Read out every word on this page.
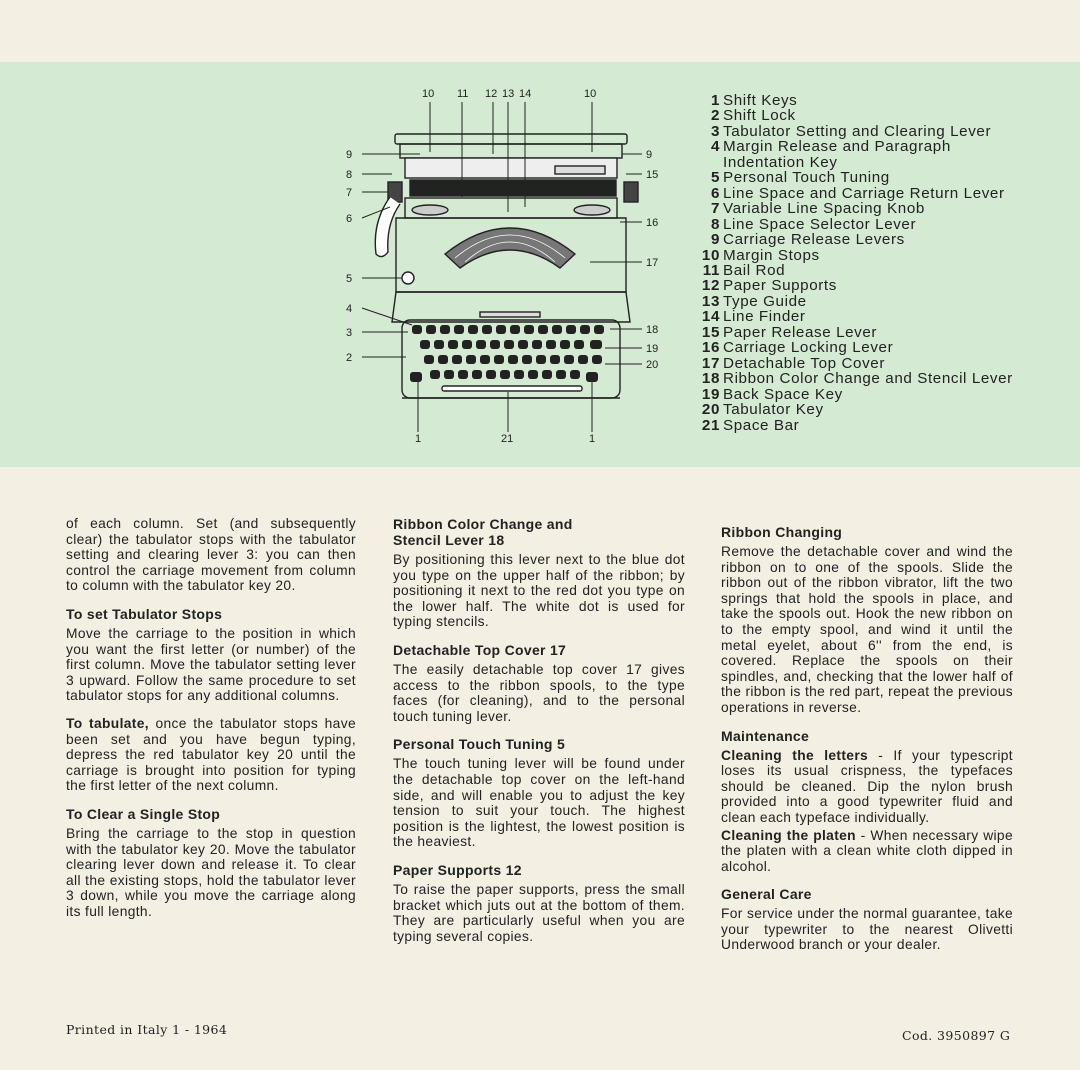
10 11 12 13 14	10
9
8
7
6
5
4
3
2
9
15
16
17
18
19
20
1	21	1
1 Shift Keys
2 Shift Lock
3 Tabulator Setting and Clearing Lever
4 Margin Release and Paragraph
Indentation Key
5 Personal Touch Tuning
6 Line Space and Carriage Return Lever
7 Variable Line Spacing Knob
8 Line Space Selector Lever
9 Carriage Release Levers
10 Margin Stops
11 Bail Rod
12 Paper Supports
13 Type Guide
14 Line Finder
15 Paper Release Lever
16 Carriage Locking Lever
17 Detachable Top Cover
18 Ribbon Color Change and Stencil Lever
19 Back Space Key
20 Tabulator Key
21 Space Bar

of each column. Set (and subsequently clear) the tabulator stops with the tabulator setting and clearing lever 3: you can then control the carriage movement from column to column with the tabulator key 20.

To set Tabulator Stops

Move the carriage to the position in which you want the first letter (or number) of the first column. Move the tabulator setting lever 3 upward. Follow the same procedure to set tabulator stops for any additional columns.

To tabulate, once the tabulator stops have been set and you have begun typing, depress the red tabulator key 20 until the carriage is brought into position for typing the first letter of the next column.

To Clear a Single Stop

Bring the carriage to the stop in question with the tabulator key 20. Move the tabulator clearing lever down and release it. To clear all the existing stops, hold the tabulator lever 3 down, while you move the carriage along its full length.

Ribbon Color Change and Stencil Lever 18

By positioning this lever next to the blue dot you type on the upper half of the ribbon; by positioning it next to the red dot you type on the lower half. The white dot is used for typing stencils.

Detachable Top Cover 17

The easily detachable top cover 17 gives access to the ribbon spools, to the type faces (for cleaning), and to the personal touch tuning lever.

Personal Touch Tuning 5

The touch tuning lever will be found under the detachable top cover on the left-hand side, and will enable you to adjust the key tension to suit your touch. The highest position is the lightest, the lowest position is the heaviest.

Paper Supports 12

To raise the paper supports, press the small bracket which juts out at the bottom of them. They are particularly useful when you are typing several copies.

Ribbon Changing

Remove the detachable cover and wind the ribbon on to one of the spools. Slide the ribbon out of the ribbon vibrator, lift the two springs that hold the spools in place, and take the spools out. Hook the new ribbon on to the empty spool, and wind it until the metal eyelet, about 6'' from the end, is covered. Replace the spools on their spindles, and, checking that the lower half of the ribbon is the red part, repeat the previous operations in reverse.

Maintenance

Cleaning the letters - If your typescript loses its usual crispness, the typefaces should be cleaned. Dip the nylon brush provided into a good typewriter fluid and clean each typeface individually.

Cleaning the platen - When necessary wipe the platen with a clean white cloth dipped in alcohol.

General Care

For service under the normal guarantee, take your typewriter to the nearest Olivetti Underwood branch or your dealer.

Printed in Italy 1 - 1964	Cod. 3950897 G
